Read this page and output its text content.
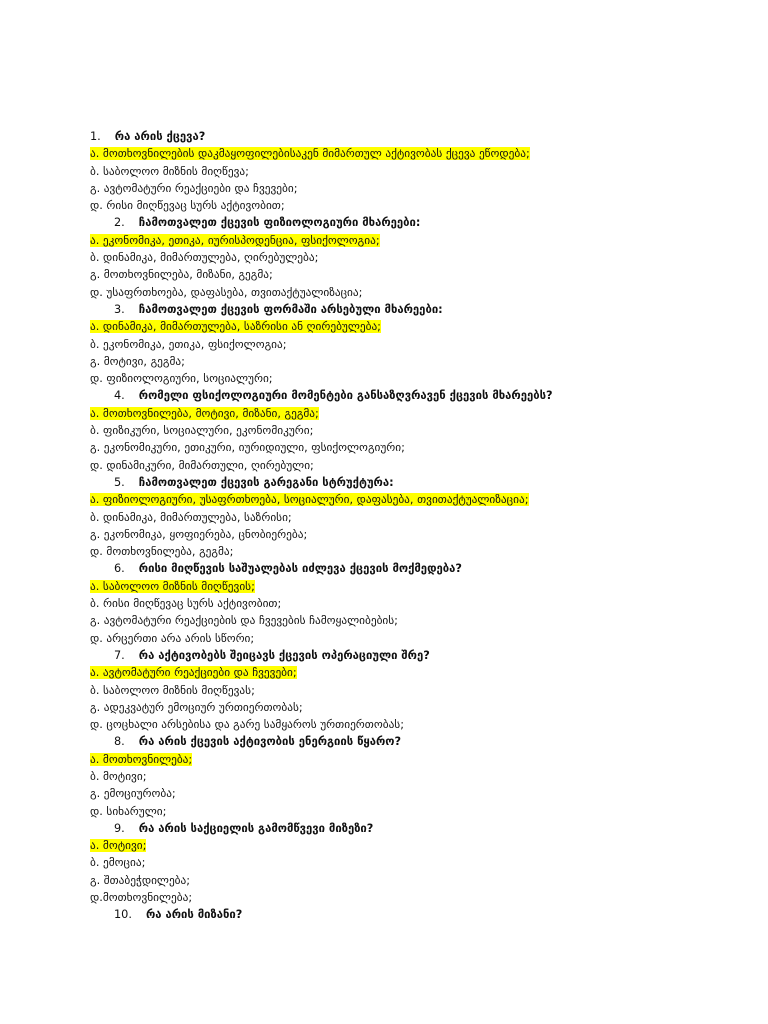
1. რა არის ქცევა?
ა. მოთხოვნილების დაკმაყოფილებისაკენ მიმართულ აქტივობას ქცევა ეწოდება;
ბ. საბოლოო მიზნის მიღწევა;
გ. ავტომატური რეაქციები და ჩვევები;
დ. რისი მიღწევაც სურს აქტივობით;
2. ჩამოთვალეთ ქცევის ფიზიოლოგიური მხარეები:
ა. ეკონომიკა, ეთიკა, იურისპოდენცია, ფსიქოლოგია;
ბ. დინამიკა, მიმართულება, ღირებულება;
გ. მოთხოვნილება, მიზანი, გეგმა;
დ. უსაფრთხოება, დაფასება, თვითაქტუალიზაცია;
3. ჩამოთვალეთ ქცევის ფორმაში არსებული მხარეები:
ა. დინამიკა, მიმართულება, საზრისი ან ღირებულება;
ბ. ეკონომიკა, ეთიკა, ფსიქოლოგია;
გ. მოტივი, გეგმა;
დ. ფიზიოლოგიური, სოციალური;
4. რომელი ფსიქოლოგიური მომენტები განსაზღვრავენ ქცევის მხარეებს?
ა. მოთხოვნილება, მოტივი, მიზანი, გეგმა;
ბ. ფიზიკური, სოციალური, ეკონომიკური;
გ. ეკონომიკური, ეთიკური, იურიდიული, ფსიქოლოგიური;
დ. დინამიკური, მიმართული, ღირებული;
5. ჩამოთვალეთ ქცევის გარეგანი სტრუქტურა:
ა. ფიზიოლოგიური, უსაფრთხოება, სოციალური, დაფასება, თვითაქტუალიზაცია;
ბ. დინამიკა, მიმართულება, საზრისი;
გ. ეკონომიკა, ყოფიერება, ცნობიერება;
დ. მოთხოვნილება, გეგმა;
6. რისი მიღწევის საშუალებას იძლევა ქცევის მოქმედება?
ა. საბოლოო მიზნის მიღწევის;
ბ. რისი მიღწევაც სურს აქტივობით;
გ. ავტომატური რეაქციების და ჩვევების ჩამოყალიბების;
დ. არცერთი არა არის სწორი;
7. რა აქტივობებს შეიცავს ქცევის ოპერაციული შრე?
ა. ავტომატური რეაქციები და ჩვევები;
ბ. საბოლოო მიზნის მიღწევას;
გ. ადეკვატურ ემოციურ ურთიერთობას;
დ. ცოცხალი არსებისა და გარე სამყაროს ურთიერთობას;
8. რა არის ქცევის აქტივობის ენერგიის წყარო?
ა. მოთხოვნილება;
ბ. მოტივი;
გ. ემოციურობა;
დ. სიხარული;
9. რა არის საქციელის გამომწვევი მიზეზი?
ა. მოტივი;
ბ. ემოცია;
გ. შთაბეჭდილება;
დ.მოთხოვნილება;
10. რა არის მიზანი?
